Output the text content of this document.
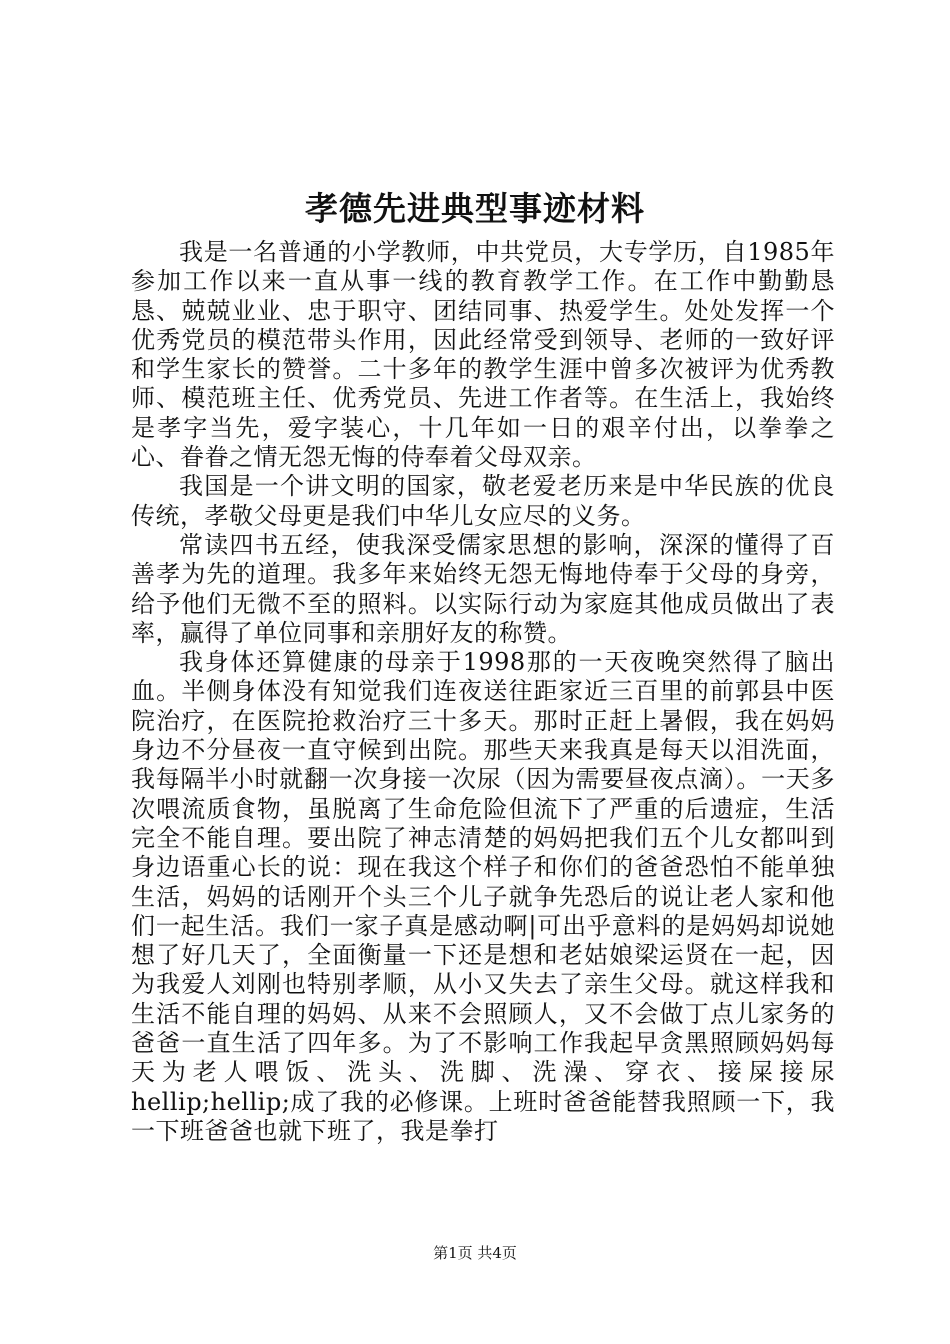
孝德先进典型事迹材料

我是一名普通的小学教师，中共党员，大专学历，自1985年参加工作以来一直从事一线的教育教学工作。在工作中勤勤恳恳、兢兢业业、忠于职守、团结同事、热爱学生。处处发挥一个优秀党员的模范带头作用，因此经常受到领导、老师的一致好评和学生家长的赞誉。二十多年的教学生涯中曾多次被评为优秀教师、模范班主任、优秀党员、先进工作者等。在生活上，我始终是孝字当先，爱字装心，十几年如一日的艰辛付出，以拳拳之心、眷眷之情无怨无悔的侍奉着父母双亲。

我国是一个讲文明的国家，敬老爱老历来是中华民族的优良传统，孝敬父母更是我们中华儿女应尽的义务。

常读四书五经，使我深受儒家思想的影响，深深的懂得了百善孝为先的道理。我多年来始终无怨无悔地侍奉于父母的身旁，给予他们无微不至的照料。以实际行动为家庭其他成员做出了表率，赢得了单位同事和亲朋好友的称赞。

我身体还算健康的母亲于1998那的一天夜晚突然得了脑出血。半侧身体没有知觉我们连夜送往距家近三百里的前郭县中医院治疗，在医院抢救治疗三十多天。那时正赶上暑假，我在妈妈身边不分昼夜一直守候到出院。那些天来我真是每天以泪洗面，我每隔半小时就翻一次身接一次尿（因为需要昼夜点滴）。一天多次喂流质食物，虽脱离了生命危险但流下了严重的后遗症，生活完全不能自理。要出院了神志清楚的妈妈把我们五个儿女都叫到身边语重心长的说：现在我这个样子和你们的爸爸恐怕不能单独生活，妈妈的话刚开个头三个儿子就争先恐后的说让老人家和他们一起生活。我们一家子真是感动啊|可出乎意料的是妈妈却说她想了好几天了，全面衡量一下还是想和老姑娘梁运贤在一起，因为我爱人刘刚也特别孝顺，从小又失去了亲生父母。就这样我和生活不能自理的妈妈、从来不会照顾人，又不会做丁点儿家务的爸爸一直生活了四年多。为了不影响工作我起早贪黑照顾妈妈每天为老人喂饭、洗头、洗脚、洗澡、穿衣、接屎接尿hellip;hellip;成了我的必修课。上班时爸爸能替我照顾一下，我一下班爸爸也就下班了，我是拳打

第1页 共4页
